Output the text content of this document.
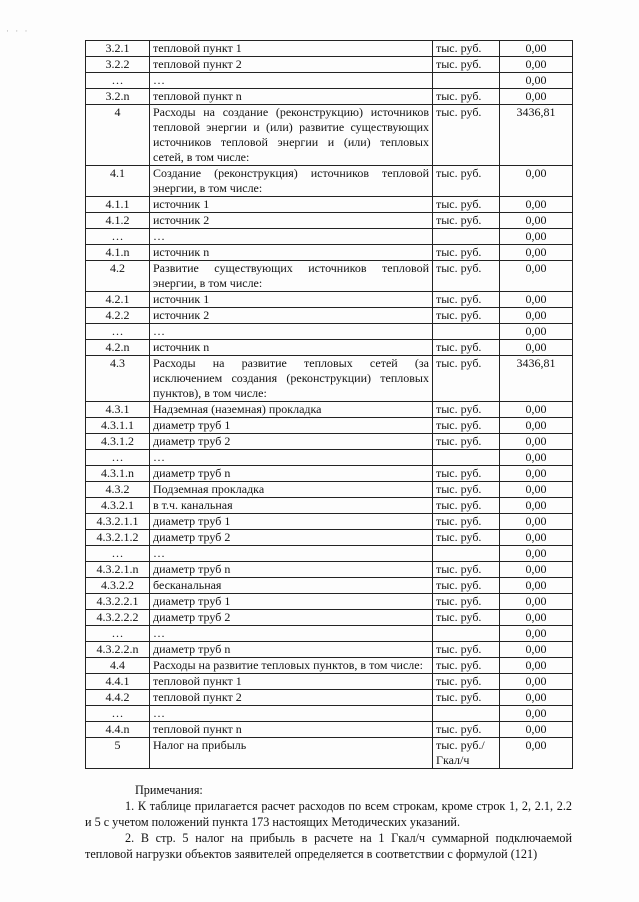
· · ·
3.2.1	тепловой пункт 1	тыс. руб.	0,00
3.2.2	тепловой пункт 2	тыс. руб.	0,00
…	…		0,00
3.2.n	тепловой пункт n	тыс. руб.	0,00
4	Расходы на создание (реконструкцию) источников тепловой энергии и (или) развитие существующих источников тепловой энергии и (или) тепловых сетей, в том числе:	тыс. руб.	3436,81
4.1	Создание (реконструкция) источников тепловой энергии, в том числе:	тыс. руб.	0,00
4.1.1	источник 1	тыс. руб.	0,00
4.1.2	источник 2	тыс. руб.	0,00
…	…		0,00
4.1.n	источник n	тыс. руб.	0,00
4.2	Развитие существующих источников тепловой энергии, в том числе:	тыс. руб.	0,00
4.2.1	источник 1	тыс. руб.	0,00
4.2.2	источник 2	тыс. руб.	0,00
…	…		0,00
4.2.n	источник n	тыс. руб.	0,00
4.3	Расходы на развитие тепловых сетей (за исключением создания (реконструкции) тепловых пунктов), в том числе:	тыс. руб.	3436,81
4.3.1	Надземная (наземная) прокладка	тыс. руб.	0,00
4.3.1.1	диаметр труб 1	тыс. руб.	0,00
4.3.1.2	диаметр труб 2	тыс. руб.	0,00
…	…		0,00
4.3.1.n	диаметр труб n	тыс. руб.	0,00
4.3.2	Подземная прокладка	тыс. руб.	0,00
4.3.2.1	в т.ч. канальная	тыс. руб.	0,00
4.3.2.1.1	диаметр труб 1	тыс. руб.	0,00
4.3.2.1.2	диаметр труб 2	тыс. руб.	0,00
…	…		0,00
4.3.2.1.n	диаметр труб n	тыс. руб.	0,00
4.3.2.2	бесканальная	тыс. руб.	0,00
4.3.2.2.1	диаметр труб 1	тыс. руб.	0,00
4.3.2.2.2	диаметр труб 2	тыс. руб.	0,00
…	…		0,00
4.3.2.2.n	диаметр труб n	тыс. руб.	0,00
4.4	Расходы на развитие тепловых пунктов, в том числе:	тыс. руб.	0,00
4.4.1	тепловой пункт 1	тыс. руб.	0,00
4.4.2	тепловой пункт 2	тыс. руб.	0,00
…	…		0,00
4.4.n	тепловой пункт n	тыс. руб.	0,00
5	Налог на прибыль	тыс. руб./ Гкал/ч	0,00

Примечания:

1. К таблице прилагается расчет расходов по всем строкам, кроме строк 1, 2, 2.1, 2.2 и 5 с учетом положений пункта 173 настоящих Методических указаний.

2. В стр. 5 налог на прибыль в расчете на 1 Гкал/ч суммарной подключаемой тепловой нагрузки объектов заявителей определяется в соответствии с формулой (121)
